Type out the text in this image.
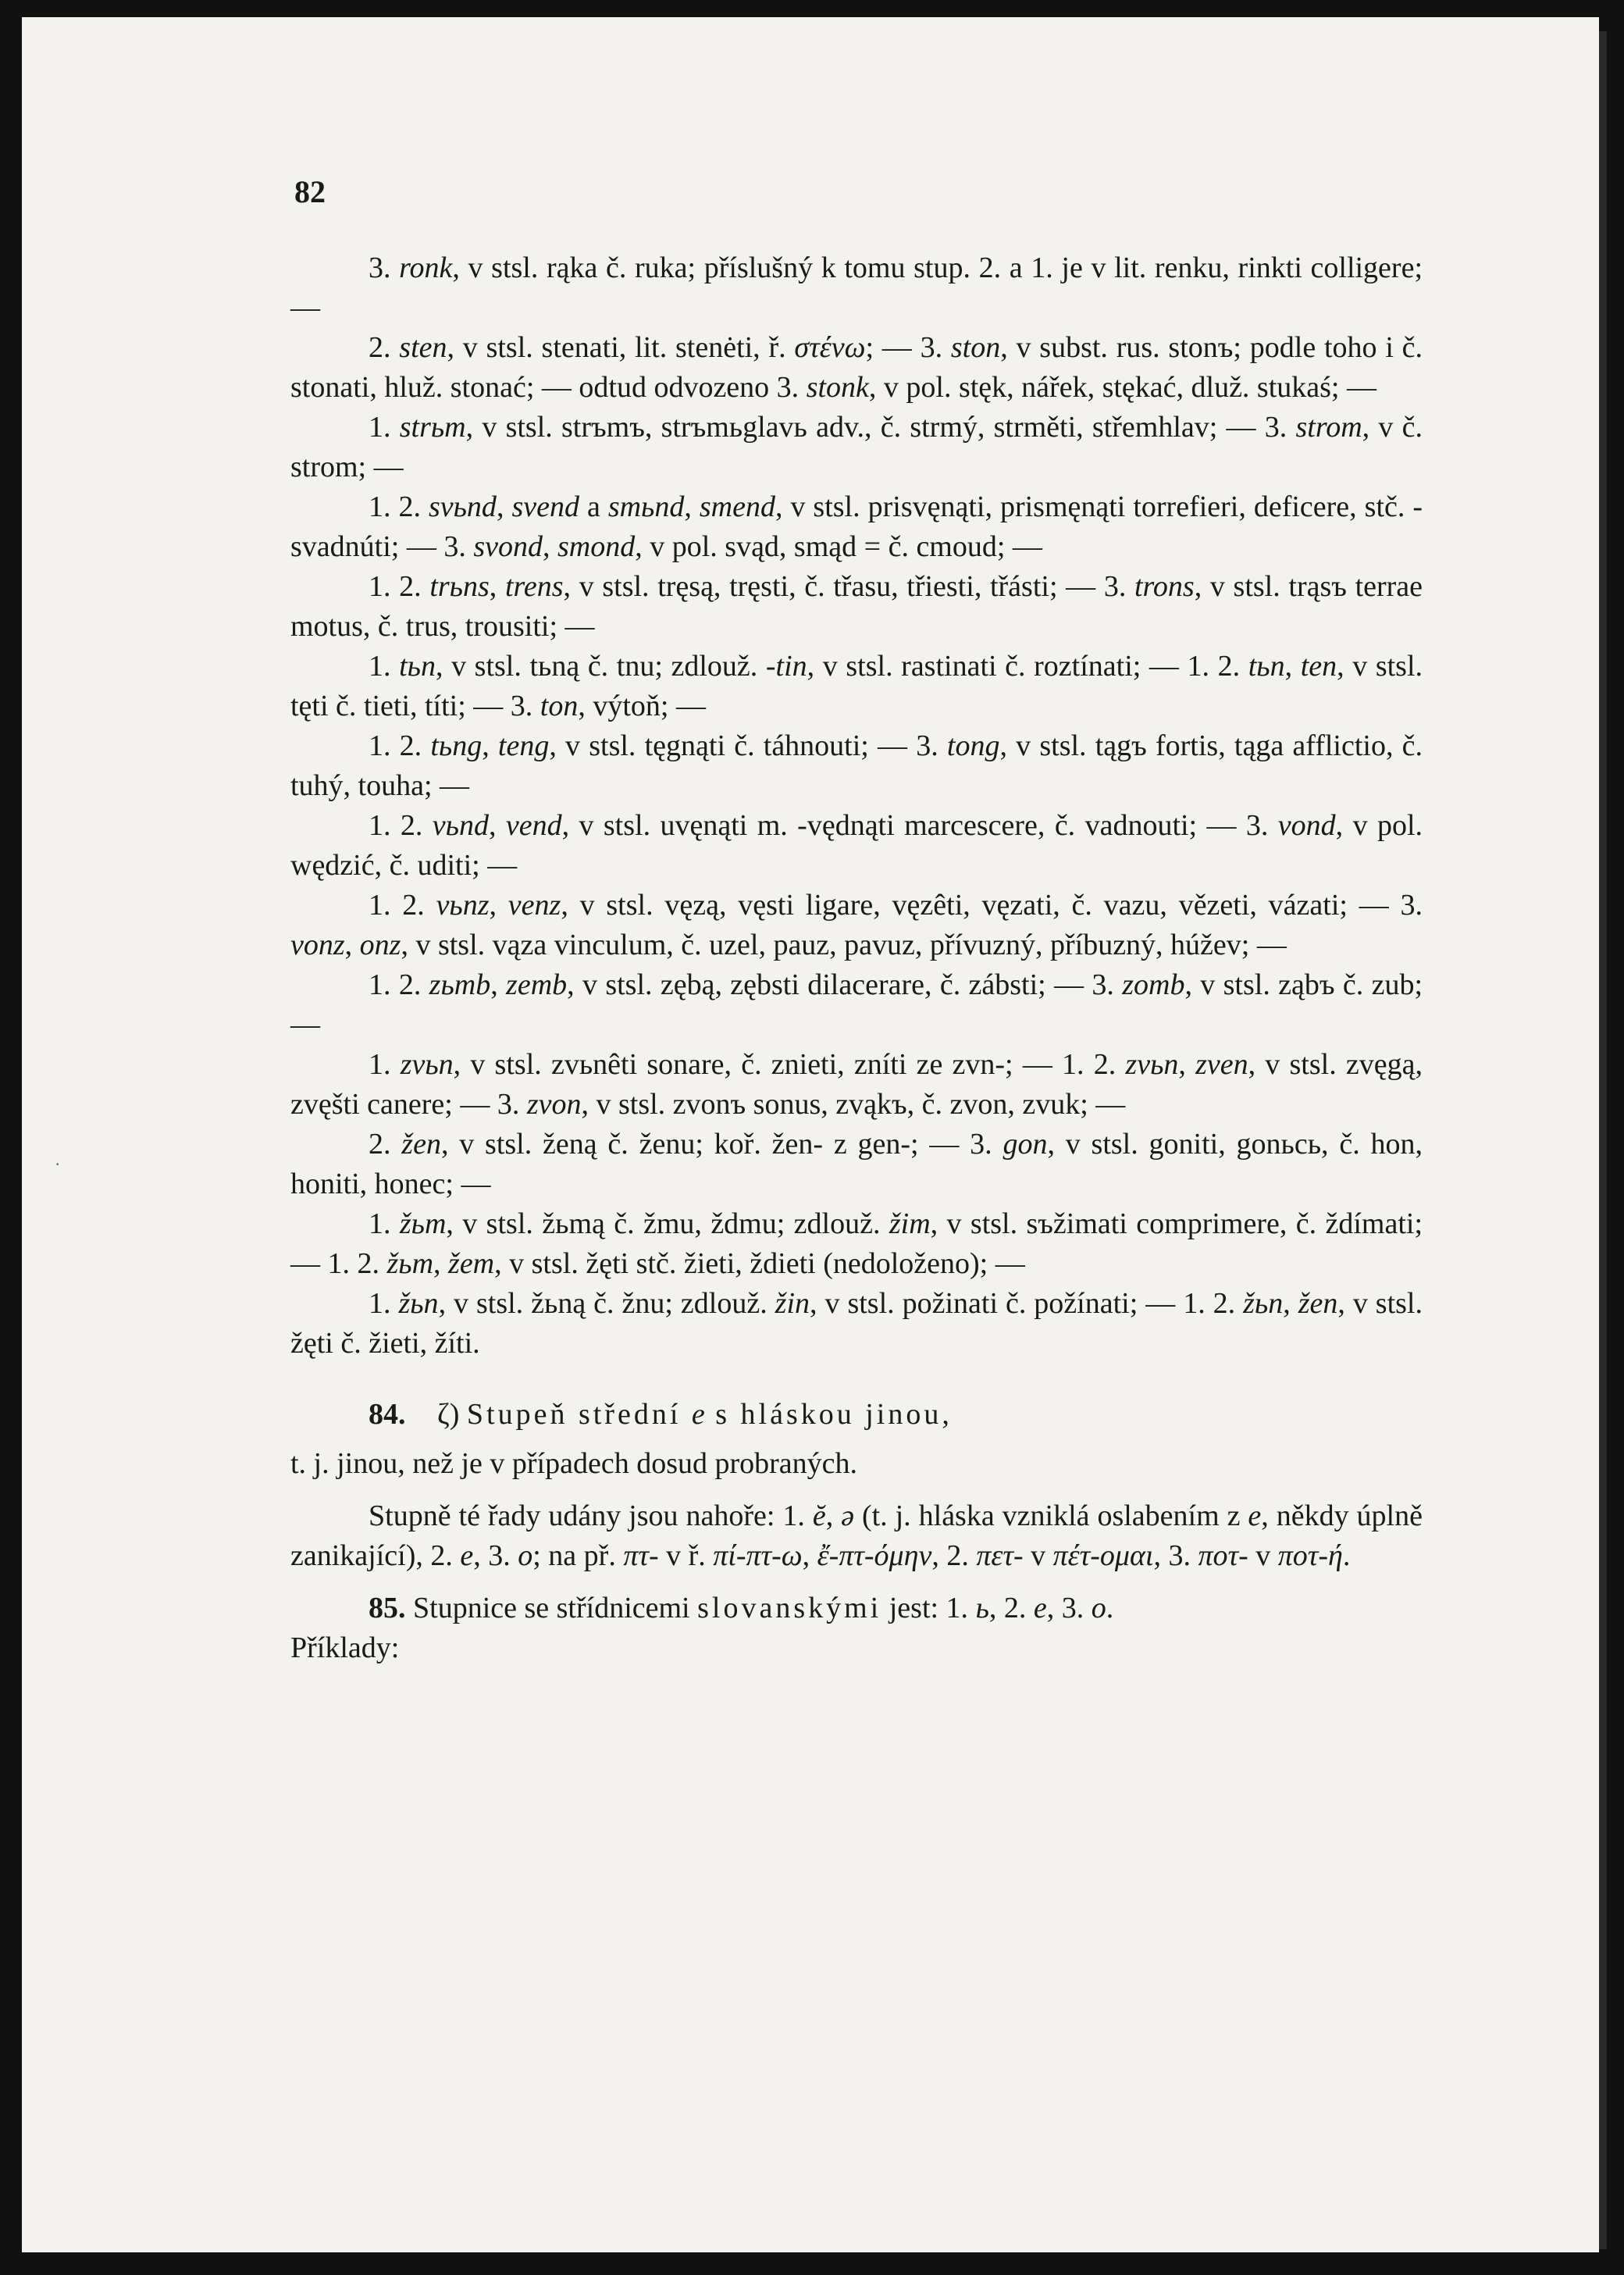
82
·

3. ronk, v stsl. rąka č. ruka; příslušný k tomu stup. 2. a 1. je v lit. renku, rinkti colligere; —

2. sten, v stsl. stenati, lit. stenėti, ř. στένω; — 3. ston, v subst. rus. stonъ; podle toho i č. stonati, hluž. stonać; — odtud odvozeno 3. stonk, v pol. stęk, nářek, stękać, dluž. stukaś; —

1. strьm, v stsl. strъmъ, strъmьglavь adv., č. strmý, strměti, střemhlav; — 3. strom, v č. strom; —

1. 2. svьnd, svend a smьnd, smend, v stsl. prisvęnąti, prismęnąti torrefieri, deficere, stč. -svadnúti; — 3. svond, smond, v pol. svąd, smąd = č. cmoud; —

1. 2. trьns, trens, v stsl. tręsą, tręsti, č. třasu, třiesti, třásti; — 3. trons, v stsl. trąsъ terrae motus, č. trus, trousiti; —

1. tьn, v stsl. tьną č. tnu; zdlouž. -tin, v stsl. rastinati č. roztínati; — 1. 2. tьn, ten, v stsl. tęti č. tieti, títi; — 3. ton, výtoň; —

1. 2. tьng, teng, v stsl. tęgnąti č. táhnouti; — 3. tong, v stsl. tągъ fortis, tąga afflictio, č. tuhý, touha; —

1. 2. vьnd, vend, v stsl. uvęnąti m. -vędnąti marcescere, č. vadnouti; — 3. vond, v pol. wędzić, č. uditi; —

1. 2. vьnz, venz, v stsl. vęzą, vęsti ligare, vęzêti, vęzati, č. vazu, vězeti, vázati; — 3. vonz, onz, v stsl. vąza vinculum, č. uzel, pauz, pavuz, přívuzný, příbuzný, húžev; —

1. 2. zьmb, zemb, v stsl. zębą, zębsti dilacerare, č. zábsti; — 3. zomb, v stsl. ząbъ č. zub; —

1. zvьn, v stsl. zvьnêti sonare, č. znieti, zníti ze zvn-; — 1. 2. zvьn, zven, v stsl. zvęgą, zvęšti canere; — 3. zvon, v stsl. zvonъ sonus, zvąkъ, č. zvon, zvuk; —

2. žen, v stsl. ženą č. ženu; koř. žen- z gen-; — 3. gon, v stsl. goniti, gonьcь, č. hon, honiti, honec; —

1. žьm, v stsl. žьmą č. žmu, ždmu; zdlouž. žim, v stsl. sъžimati comprimere, č. ždímati; — 1. 2. žьm, žem, v stsl. žęti stč. žieti, ždieti (nedoloženo); —

1. žьn, v stsl. žьną č. žnu; zdlouž. žin, v stsl. požinati č. požínati; — 1. 2. žьn, žen, v stsl. žęti č. žieti, žíti.

84.	ζ) Stupeň střední e s hláskou jinou,

t. j. jinou, než je v případech dosud probraných.

Stupně té řady udány jsou nahoře: 1. ĕ, ə (t. j. hláska vzniklá oslabením z e, někdy úplně zanikající), 2. e, 3. o; na př. πτ- v ř. πί-πτ-ω, ἔ-πτ-όμην, 2. πετ- v πέτ-ομαι, 3. ποτ- v ποτ-ή.

85. Stupnice se střídnicemi slovanskými jest: 1. ь, 2. e, 3. o.

Příklady:
